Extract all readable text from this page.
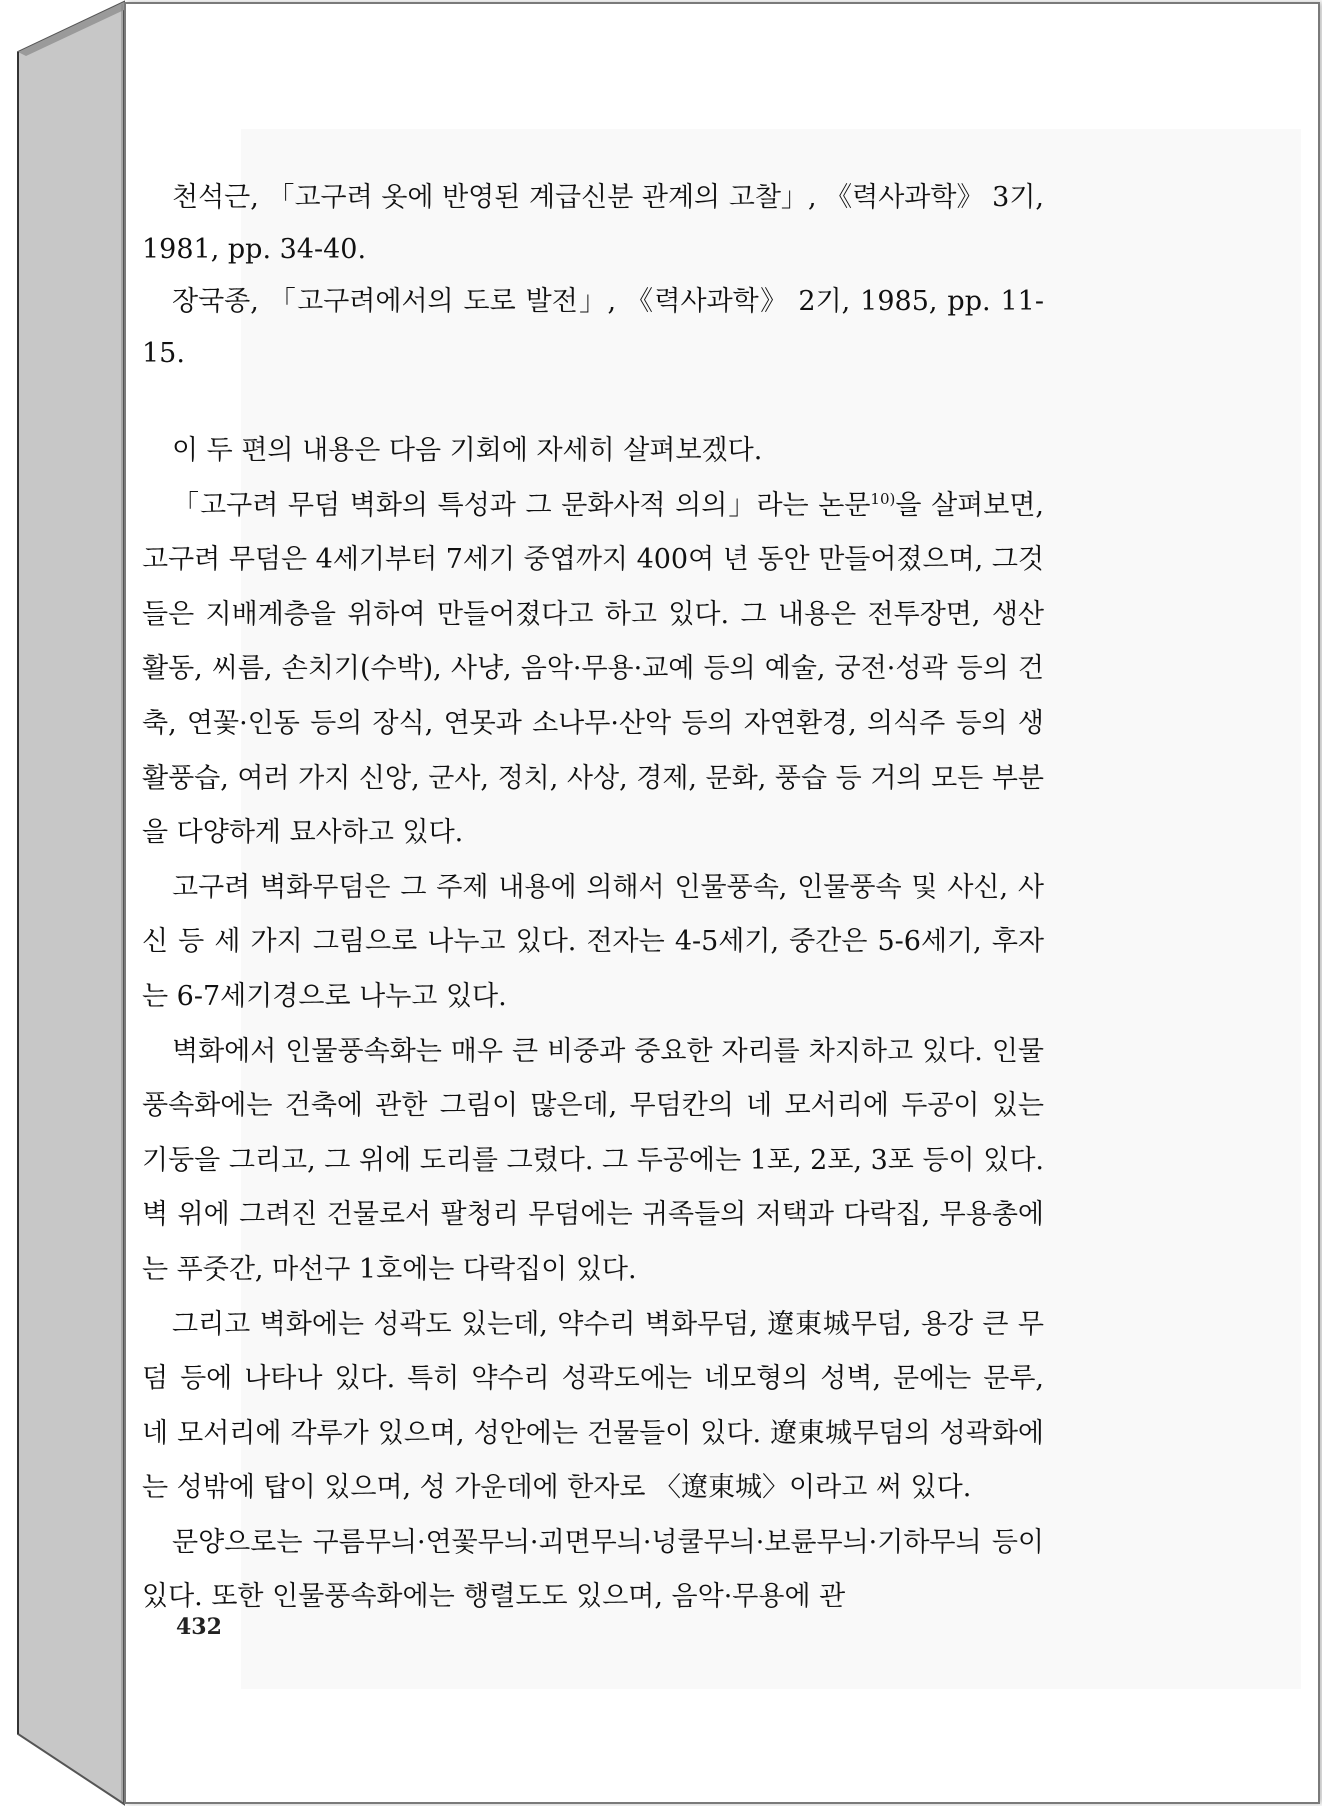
천석근, 「고구려 옷에 반영된 계급신분 관계의 고찰」, 《력사과학》 3기, 1981, pp. 34-40.

장국종, 「고구려에서의 도로 발전」, 《력사과학》 2기, 1985, pp. 11-15.

이 두 편의 내용은 다음 기회에 자세히 살펴보겠다.

「고구려 무덤 벽화의 특성과 그 문화사적 의의」라는 논문$^{10)}$을 살펴보면, 고구려 무덤은 4세기부터 7세기 중엽까지 400여 년 동안 만들어졌으며, 그것들은 지배계층을 위하여 만들어졌다고 하고 있다. 그 내용은 전투장면, 생산활동, 씨름, 손치기(수박), 사냥, 음악·무용·교예 등의 예술, 궁전·성곽 등의 건축, 연꽃·인동 등의 장식, 연못과 소나무·산악 등의 자연환경, 의식주 등의 생활풍습, 여러 가지 신앙, 군사, 정치, 사상, 경제, 문화, 풍습 등 거의 모든 부분을 다양하게 묘사하고 있다.

고구려 벽화무덤은 그 주제 내용에 의해서 인물풍속, 인물풍속 및 사신, 사신 등 세 가지 그림으로 나누고 있다. 전자는 4-5세기, 중간은 5-6세기, 후자는 6-7세기경으로 나누고 있다.

벽화에서 인물풍속화는 매우 큰 비중과 중요한 자리를 차지하고 있다. 인물풍속화에는 건축에 관한 그림이 많은데, 무덤칸의 네 모서리에 두공이 있는 기둥을 그리고, 그 위에 도리를 그렸다. 그 두공에는 1포, 2포, 3포 등이 있다. 벽 위에 그려진 건물로서 팔청리 무덤에는 귀족들의 저택과 다락집, 무용총에는 푸줏간, 마선구 1호에는 다락집이 있다.

그리고 벽화에는 성곽도 있는데, 약수리 벽화무덤, 遼東城무덤, 용강 큰 무덤 등에 나타나 있다. 특히 약수리 성곽도에는 네모형의 성벽, 문에는 문루, 네 모서리에 각루가 있으며, 성안에는 건물들이 있다. 遼東城무덤의 성곽화에는 성밖에 탑이 있으며, 성 가운데에 한자로 〈遼東城〉이라고 써 있다.

문양으로는 구름무늬·연꽃무늬·괴면무늬·넝쿨무늬·보륜무늬·기하무늬 등이 있다. 또한 인물풍속화에는 행렬도도 있으며, 음악·무용에 관

432
